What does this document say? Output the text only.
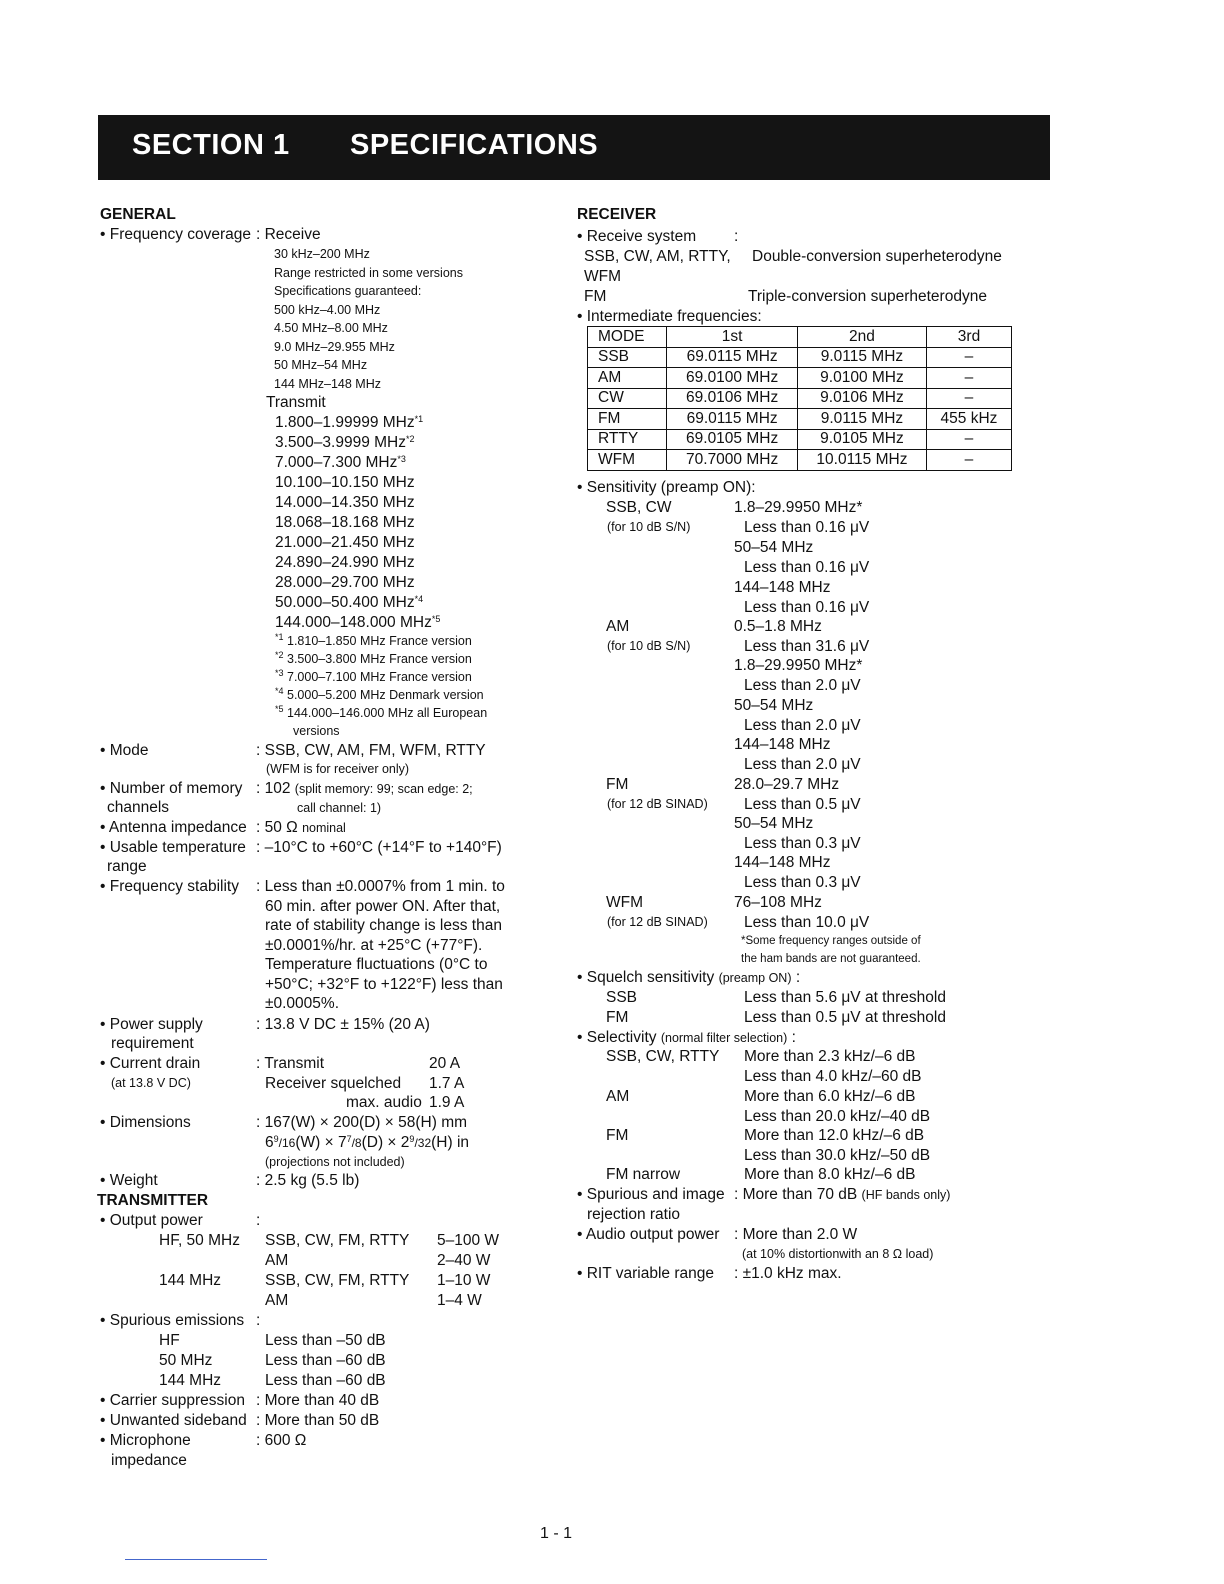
SECTION 1 SPECIFICATIONS
GENERAL
• Frequency coverage : Receive
30 kHz–200 MHz
Range restricted in some versions
Specifications guaranteed:
500 kHz–4.00 MHz
4.50 MHz–8.00 MHz
9.0 MHz–29.955 MHz
50 MHz–54 MHz
144 MHz–148 MHz
Transmit
1.800–1.99999 MHz$^{*1}$
3.500–3.9999 MHz$^{*2}$
7.000–7.300 MHz$^{*3}$
10.100–10.150 MHz
14.000–14.350 MHz
18.068–18.168 MHz
21.000–21.450 MHz
24.890–24.990 MHz
28.000–29.700 MHz
50.000–50.400 MHz$^{*4}$
144.000–148.000 MHz$^{*5}$
$^{*1}$ 1.810–1.850 MHz France version
$^{*2}$ 3.500–3.800 MHz France version
$^{*3}$ 7.000–7.100 MHz France version
$^{*4}$ 5.000–5.200 MHz Denmark version
$^{*5}$ 144.000–146.000 MHz all European
versions
• Mode	: SSB, CW, AM, FM, WFM, RTTY
(WFM is for receiver only)
• Number of memory
channels
: 102 (split memory: 99; scan edge: 2;
call channel: 1)
• Antenna impedance : 50 Ω nominal
• Usable temperature
range
: –10°C to +60°C (+14°F to +140°F)
• Frequency stability : Less than ±0.0007% from 1 min. to
60 min. after power ON. After that,
rate of stability change is less than
±0.0001%/hr. at +25°C (+77°F).
Temperature fluctuations (0°C to
+50°C; +32°F to +122°F) less than
±0.0005%.
• Power supply
requirement
: 13.8 V DC ± 15% (20 A)
• Current drain
(at 13.8 V DC)
: Transmit	20 A
Receiver squelched 1.7 A
max. audio 1.9 A
• Dimensions	: 167(W) × 200(D) × 58(H) mm
$6^9/16(W) \times 7^7/8(D) \times 2^9/32(H)$ in
(projections not included)
• Weight	: 2.5 kg (5.5 lb)
TRANSMITTER
• Output power	:
HF, 50 MHz SSB, CW, FM, RTTY 5–100 W
AM	2–40 W
144 MHz	SSB, CW, FM, RTTY 1–10 W
AM	1–4 W
• Spurious emissions :
HF	Less than –50 dB
50 MHz	Less than –60 dB
144 MHz	Less than –60 dB
• Carrier suppression : More than 40 dB
• Unwanted sideband : More than 50 dB
• Microphone
impedance
: 600 Ω
RECEIVER
• Receive system :
SSB, CW, AM, RTTY, Double-conversion superheterodyne
WFM
FM	Triple-conversion superheterodyne
• Intermediate frequencies:
MODE	1st	2nd	3rd
SSB	69.0115 MHz	9.0115 MHz	–
AM	69.0100 MHz	9.0100 MHz	–
CW	69.0106 MHz	9.0106 MHz	–
FM	69.0115 MHz	9.0115 MHz	455 kHz
RTTY	69.0105 MHz	9.0105 MHz	–
WFM	70.7000 MHz	10.0115 MHz	–
• Sensitivity (preamp ON):
SSB, CW
(for 10 dB S/N)
1.8–29.9950 MHz*
Less than 0.16 μV
50–54 MHz
Less than 0.16 μV
144–148 MHz
Less than 0.16 μV
AM
(for 10 dB S/N)
0.5–1.8 MHz
Less than 31.6 μV
1.8–29.9950 MHz*
Less than 2.0 μV
50–54 MHz
Less than 2.0 μV
144–148 MHz
Less than 2.0 μV
FM
(for 12 dB SINAD)
28.0–29.7 MHz
Less than 0.5 μV
50–54 MHz
Less than 0.3 μV
144–148 MHz
Less than 0.3 μV
WFM
(for 12 dB SINAD)
76–108 MHz
Less than 10.0 μV
*Some frequency ranges outside of
the ham bands are not guaranteed.
• Squelch sensitivity (preamp ON) :
SSB	Less than 5.6 μV at threshold
FM	Less than 0.5 μV at threshold
• Selectivity (normal filter selection) :
SSB, CW, RTTY More than 2.3 kHz/–6 dB
Less than 4.0 kHz/–60 dB
AM	More than 6.0 kHz/–6 dB
Less than 20.0 kHz/–40 dB
FM	More than 12.0 kHz/–6 dB
Less than 30.0 kHz/–50 dB
FM narrow	More than 8.0 kHz/–6 dB
• Spurious and image
rejection ratio
: More than 70 dB (HF bands only)
• Audio output power : More than 2.0 W
(at 10% distortionwith an 8 Ω load)
• RIT variable range : ±1.0 kHz max.
1 - 1
